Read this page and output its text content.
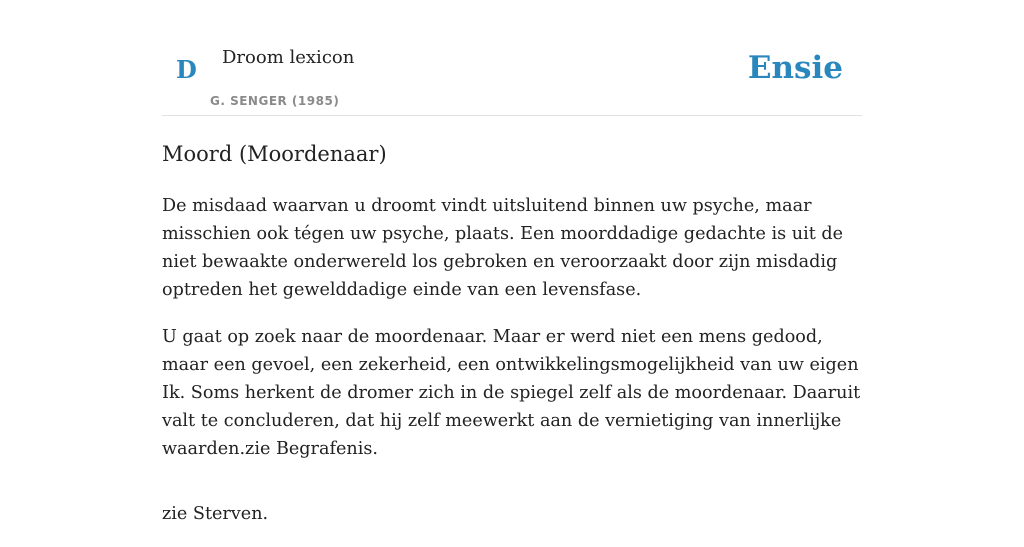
D Droom lexicon
G. SENGER (1985)
Ensie
Moord (Moordenaar)

De misdaad waarvan u droomt vindt uitsluitend binnen uw psyche, maar misschien ook tégen uw psyche, plaats. Een moorddadige gedachte is uit de niet bewaakte onderwereld los gebroken en veroorzaakt door zijn misdadig optreden het gewelddadige einde van een levensfase.

U gaat op zoek naar de moordenaar. Maar er werd niet een mens gedood, maar een gevoel, een zekerheid, een ontwikkelingsmogelijkheid van uw eigen Ik. Soms herkent de dromer zich in de spiegel zelf als de moordenaar. Daaruit valt te concluderen, dat hij zelf meewerkt aan de vernietiging van innerlijke waarden.zie Begrafenis.

zie Sterven.
